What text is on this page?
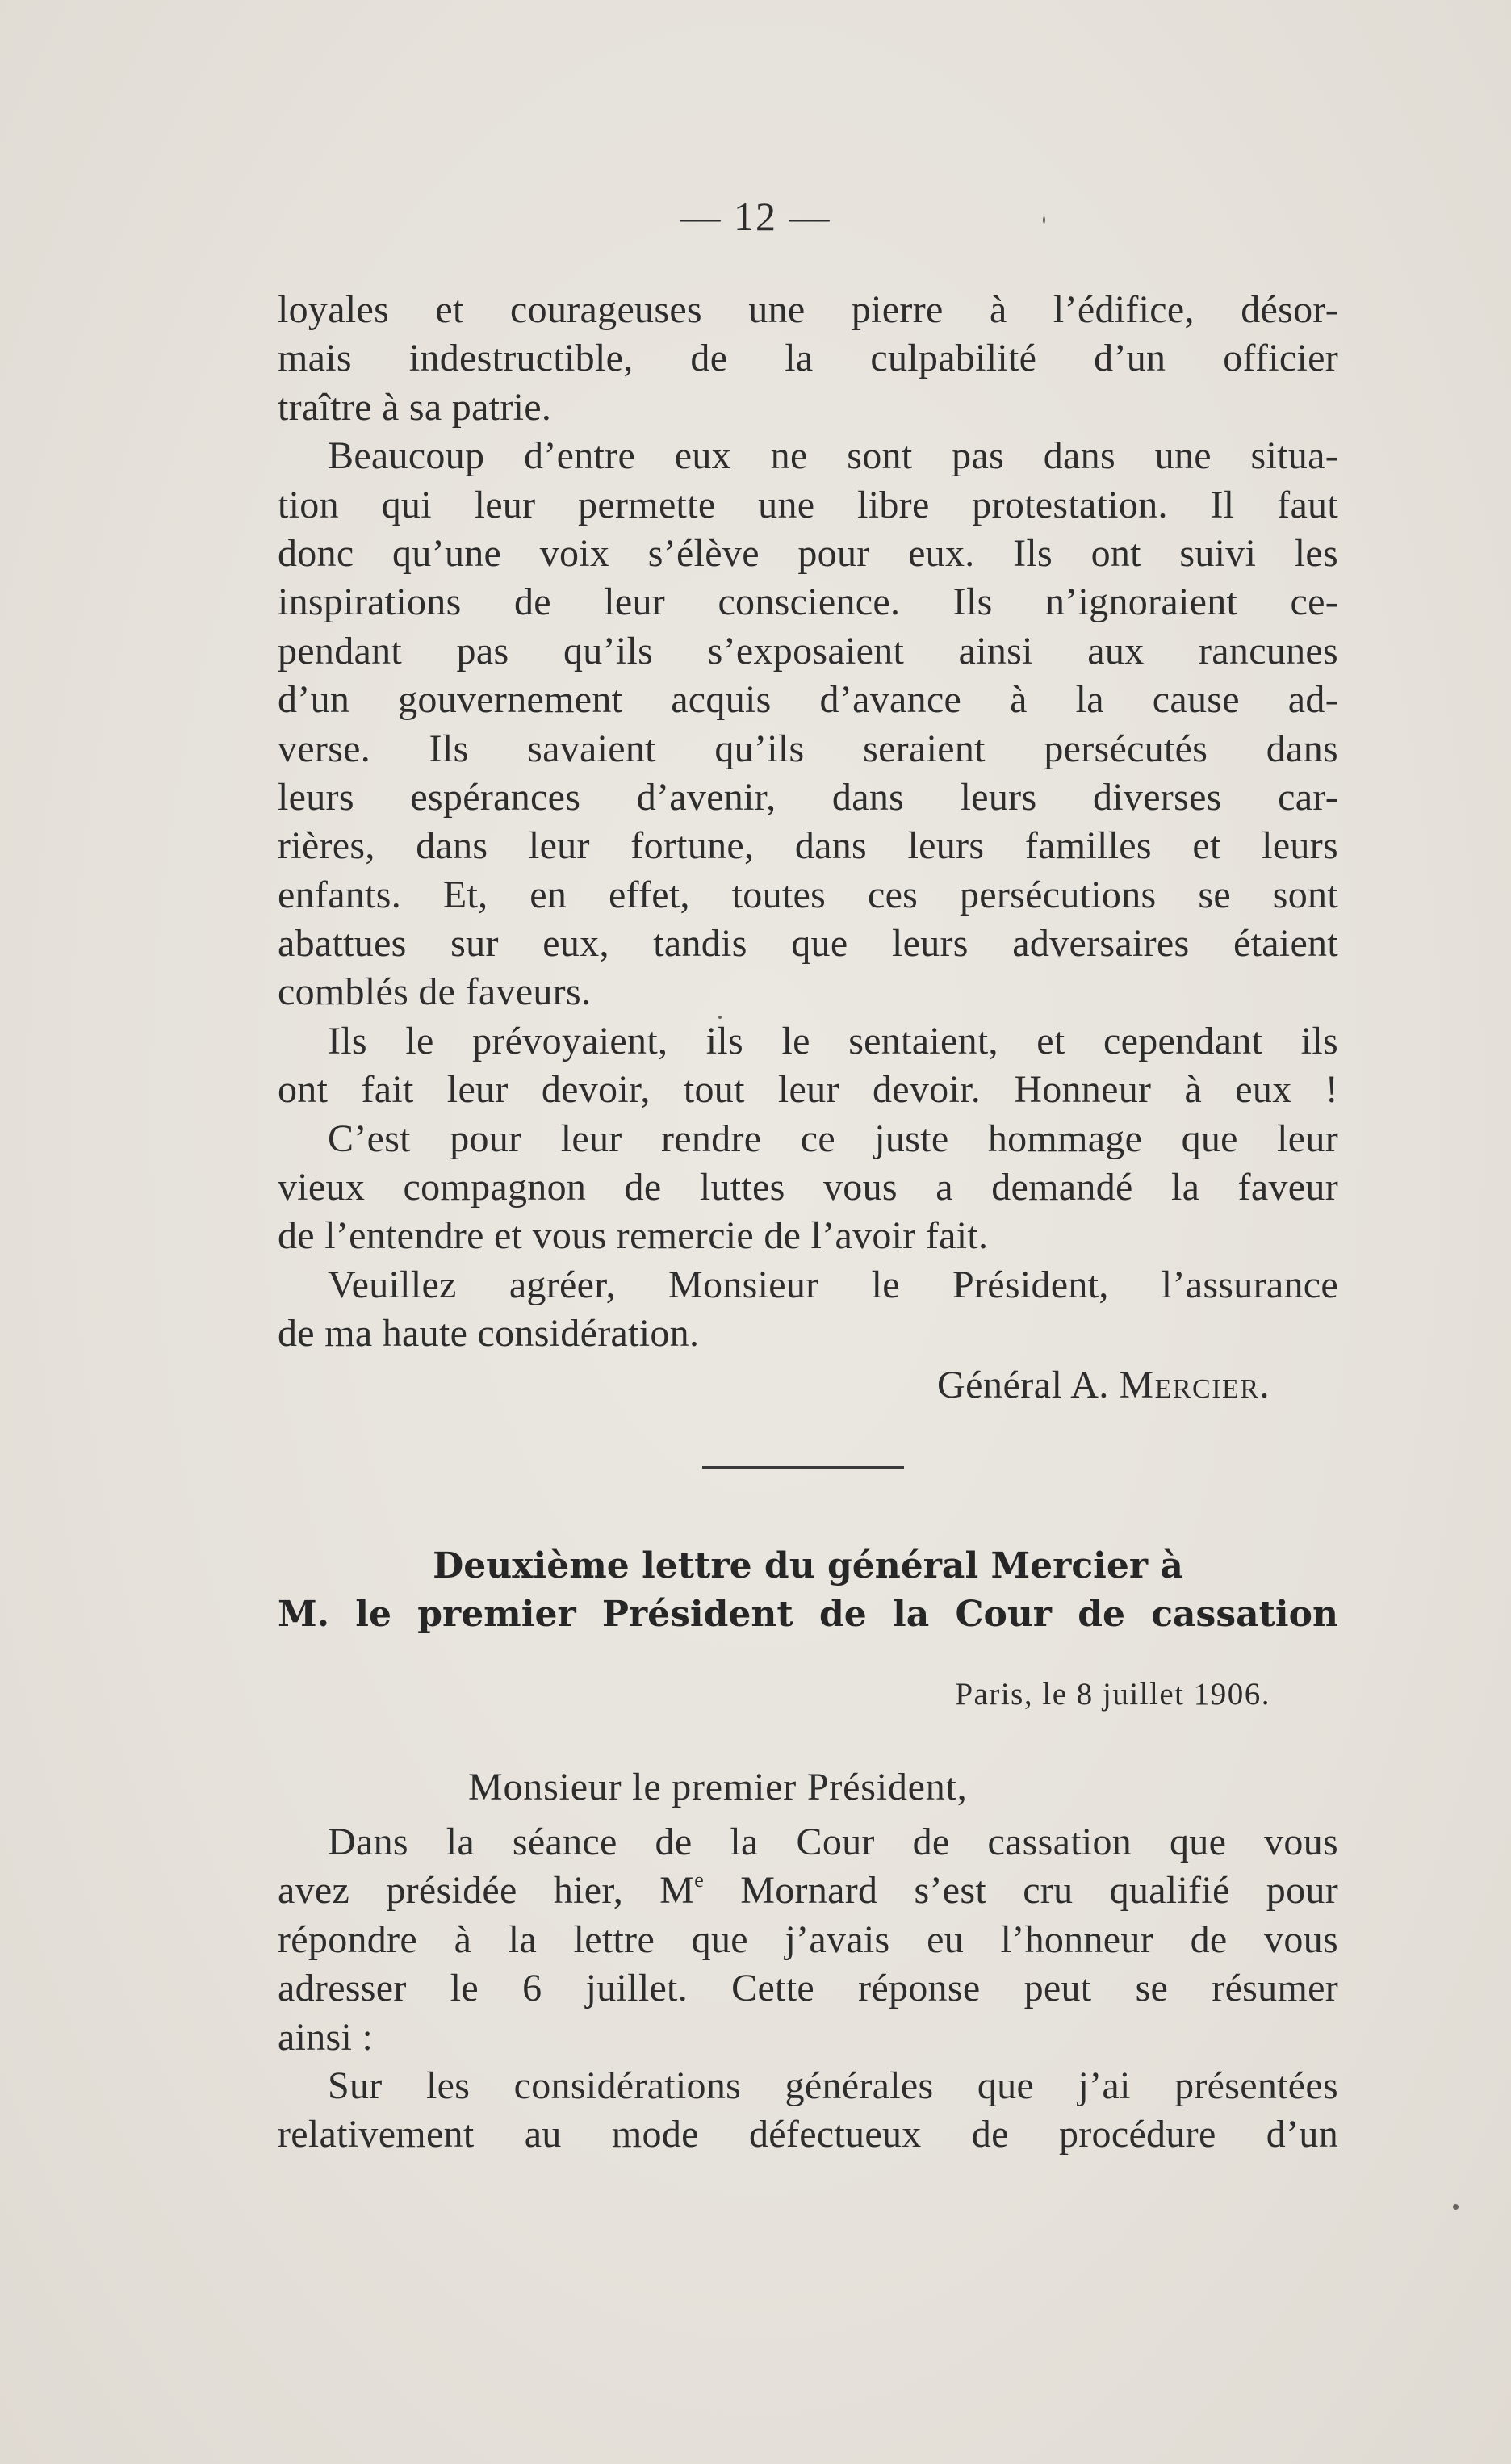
— 12 —
loyales et courageuses une pierre à l’édifice, désor-
mais indestructible, de la culpabilité d’un officier
traître à sa patrie.
Beaucoup d’entre eux ne sont pas dans une situa-
tion qui leur permette une libre protestation. Il faut
donc qu’une voix s’élève pour eux. Ils ont suivi les
inspirations de leur conscience. Ils n’ignoraient ce-
pendant pas qu’ils s’exposaient ainsi aux rancunes
d’un gouvernement acquis d’avance à la cause ad-
verse. Ils savaient qu’ils seraient persécutés dans
leurs espérances d’avenir, dans leurs diverses car-
rières, dans leur fortune, dans leurs familles et leurs
enfants. Et, en effet, toutes ces persécutions se sont
abattues sur eux, tandis que leurs adversaires étaient
comblés de faveurs.
Ils le prévoyaient, ils le sentaient, et cependant ils
ont fait leur devoir, tout leur devoir. Honneur à eux !
C’est pour leur rendre ce juste hommage que leur
vieux compagnon de luttes vous a demandé la faveur
de l’entendre et vous remercie de l’avoir fait.
Veuillez agréer, Monsieur le Président, l’assurance
de ma haute considération.
Général A. Mercier.
Deuxième lettre du général Mercier à
M. le premier Président de la Cour de cassation
Paris, le 8 juillet 1906.
Monsieur le premier Président,
Dans la séance de la Cour de cassation que vous
avez présidée hier, Me Mornard s’est cru qualifié pour
répondre à la lettre que j’avais eu l’honneur de vous
adresser le 6 juillet. Cette réponse peut se résumer
ainsi :
Sur les considérations générales que j’ai présentées
relativement au mode défectueux de procédure d’un
